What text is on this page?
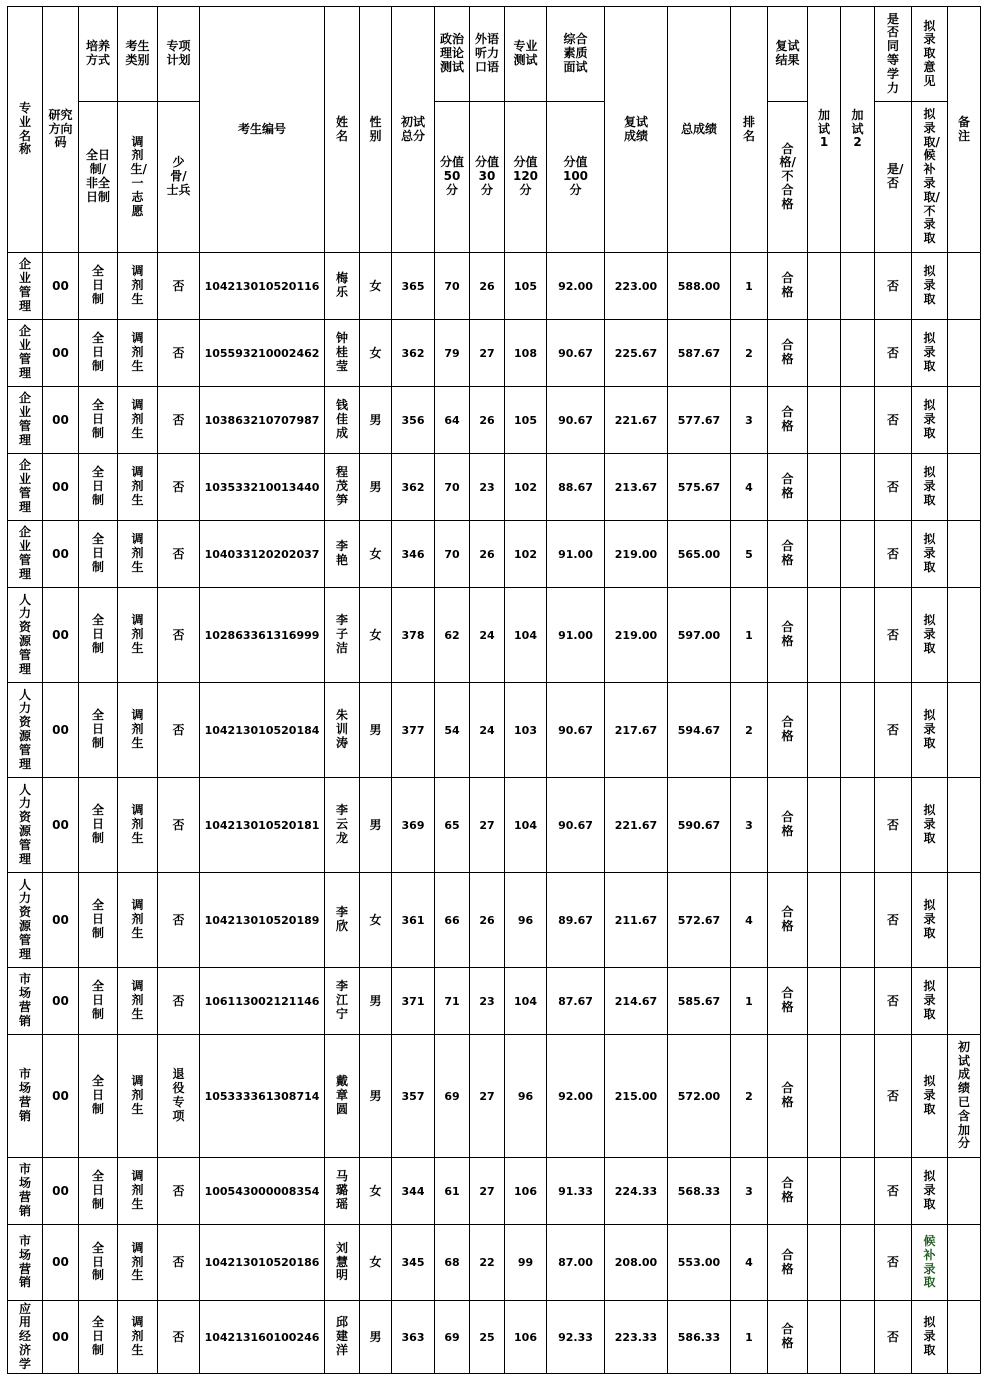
专业名称	研究方向码	培养方式	考生类别	专项计划	考生编号	姓名	性别	初试总分	政治理论测试	外语听力口语	专业测试	综合素质面试	复试成绩	总成绩	排名	复试结果	加试1	加试2	是否同等学力	拟录取意见	备注
		全日制/非全日制	调剂生/一志愿	少骨/士兵					分值50分	分值30分	分值120分	分值100分				合格/不合格			是/否	拟录取/候补录取/不录取	
企业管理	00	全日制	调剂生	否	104213010520116	梅乐	女	365	70	26	105	92.00	223.00	588.00	1	合格			否	拟录取	
企业管理	00	全日制	调剂生	否	105593210002462	钟桂莹	女	362	79	27	108	90.67	225.67	587.67	2	合格			否	拟录取	
企业管理	00	全日制	调剂生	否	103863210707987	钱佳成	男	356	64	26	105	90.67	221.67	577.67	3	合格			否	拟录取	
企业管理	00	全日制	调剂生	否	103533210013440	程茂笋	男	362	70	23	102	88.67	213.67	575.67	4	合格			否	拟录取	
企业管理	00	全日制	调剂生	否	104033120202037	李艳	女	346	70	26	102	91.00	219.00	565.00	5	合格			否	拟录取	
人力资源管理	00	全日制	调剂生	否	102863361316999	李子洁	女	378	62	24	104	91.00	219.00	597.00	1	合格			否	拟录取	
人力资源管理	00	全日制	调剂生	否	104213010520184	朱训涛	男	377	54	24	103	90.67	217.67	594.67	2	合格			否	拟录取	
人力资源管理	00	全日制	调剂生	否	104213010520181	李云龙	男	369	65	27	104	90.67	221.67	590.67	3	合格			否	拟录取	
人力资源管理	00	全日制	调剂生	否	104213010520189	李欣	女	361	66	26	96	89.67	211.67	572.67	4	合格			否	拟录取	
市场营销	00	全日制	调剂生	否	106113002121146	李江宁	男	371	71	23	104	87.67	214.67	585.67	1	合格			否	拟录取	
市场营销	00	全日制	调剂生	退役专项	105333361308714	戴章圆	男	357	69	27	96	92.00	215.00	572.00	2	合格			否	拟录取	初试成绩已含加分
市场营销	00	全日制	调剂生	否	100543000008354	马璐瑶	女	344	61	27	106	91.33	224.33	568.33	3	合格			否	拟录取	
市场营销	00	全日制	调剂生	否	104213010520186	刘慧明	女	345	68	22	99	87.00	208.00	553.00	4	合格			否	候补录取	
应用经济学	00	全日制	调剂生	否	104213160100246	邱建洋	男	363	69	25	106	92.33	223.33	586.33	1	合格			否	拟录取	
